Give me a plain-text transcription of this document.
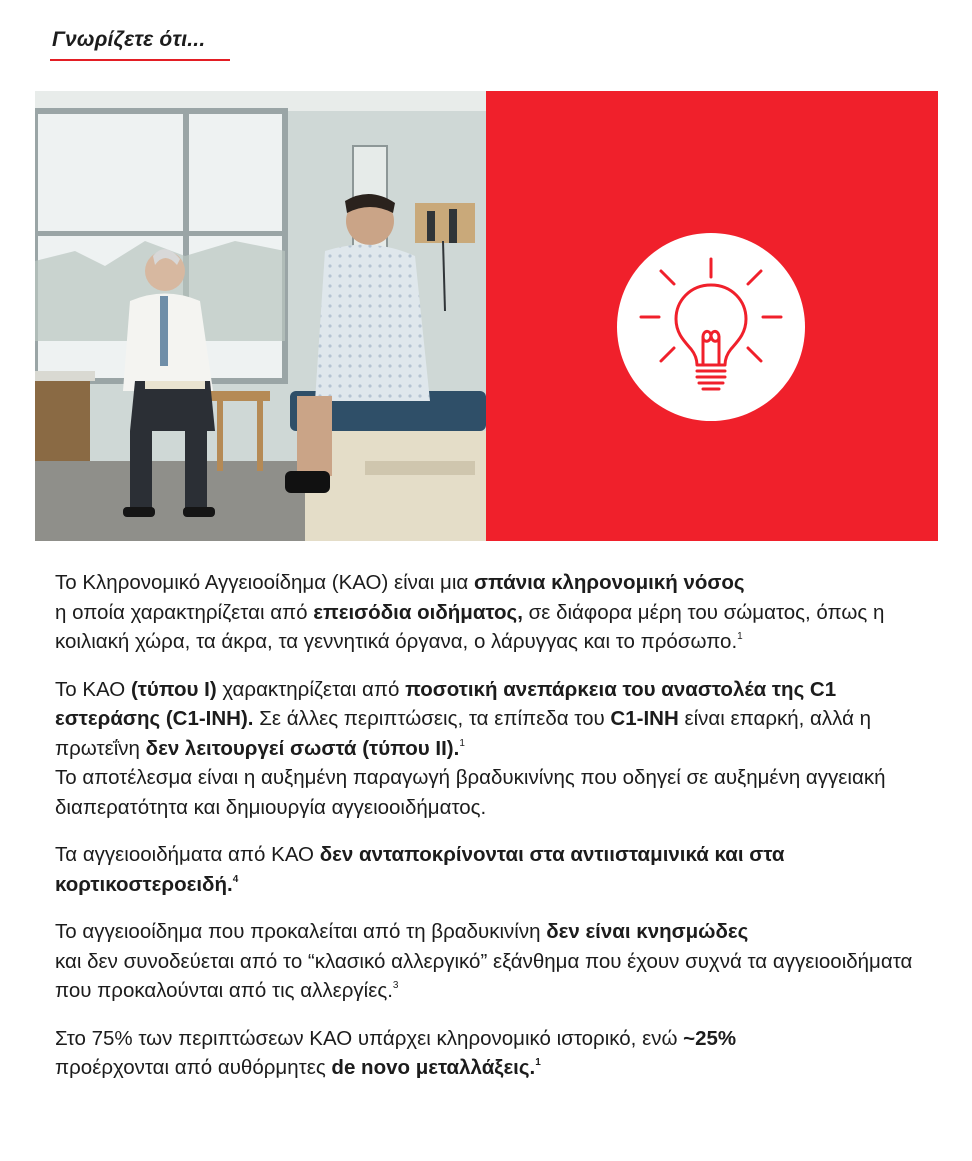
Γνωρίζετε ότι...

Το Κληρονομικό Αγγειοοίδημα (ΚΑΟ) είναι μια σπάνια κληρονομική νόσος
η οποία χαρακτηρίζεται από επεισόδια οιδήματος, σε διάφορα μέρη του σώματος, όπως η κοιλιακή χώρα, τα άκρα, τα γεννητικά όργανα, ο λάρυγγας και το πρόσωπο.$^1$

Το ΚΑΟ (τύπου Ι) χαρακτηρίζεται από ποσοτική ανεπάρκεια του αναστολέα της C1 εστεράσης (C1-INH). Σε άλλες περιπτώσεις, τα επίπεδα του C1-INH είναι επαρκή, αλλά η πρωτεΐνη δεν λειτουργεί σωστά (τύπου ΙΙ).$^1$
Το αποτέλεσμα είναι η αυξημένη παραγωγή βραδυκινίνης που οδηγεί σε αυξημένη αγγειακή διαπερατότητα και δημιουργία αγγειοοιδήματος.

Τα αγγειοοιδήματα από ΚΑΟ δεν ανταποκρίνονται στα αντιισταμινικά και στα κορτικοστεροειδή.$^4$

Το αγγειοοίδημα που προκαλείται από τη βραδυκινίνη δεν είναι κνησμώδες
και δεν συνοδεύεται από το “κλασικό αλλεργικό” εξάνθημα που έχουν συχνά τα αγγειοοιδήματα που προκαλούνται από τις αλλεργίες.$^3$

Στο 75% των περιπτώσεων ΚΑΟ υπάρχει κληρονομικό ιστορικό, ενώ ~25%
προέρχονται από αυθόρμητες de novo μεταλλάξεις.$^1$
